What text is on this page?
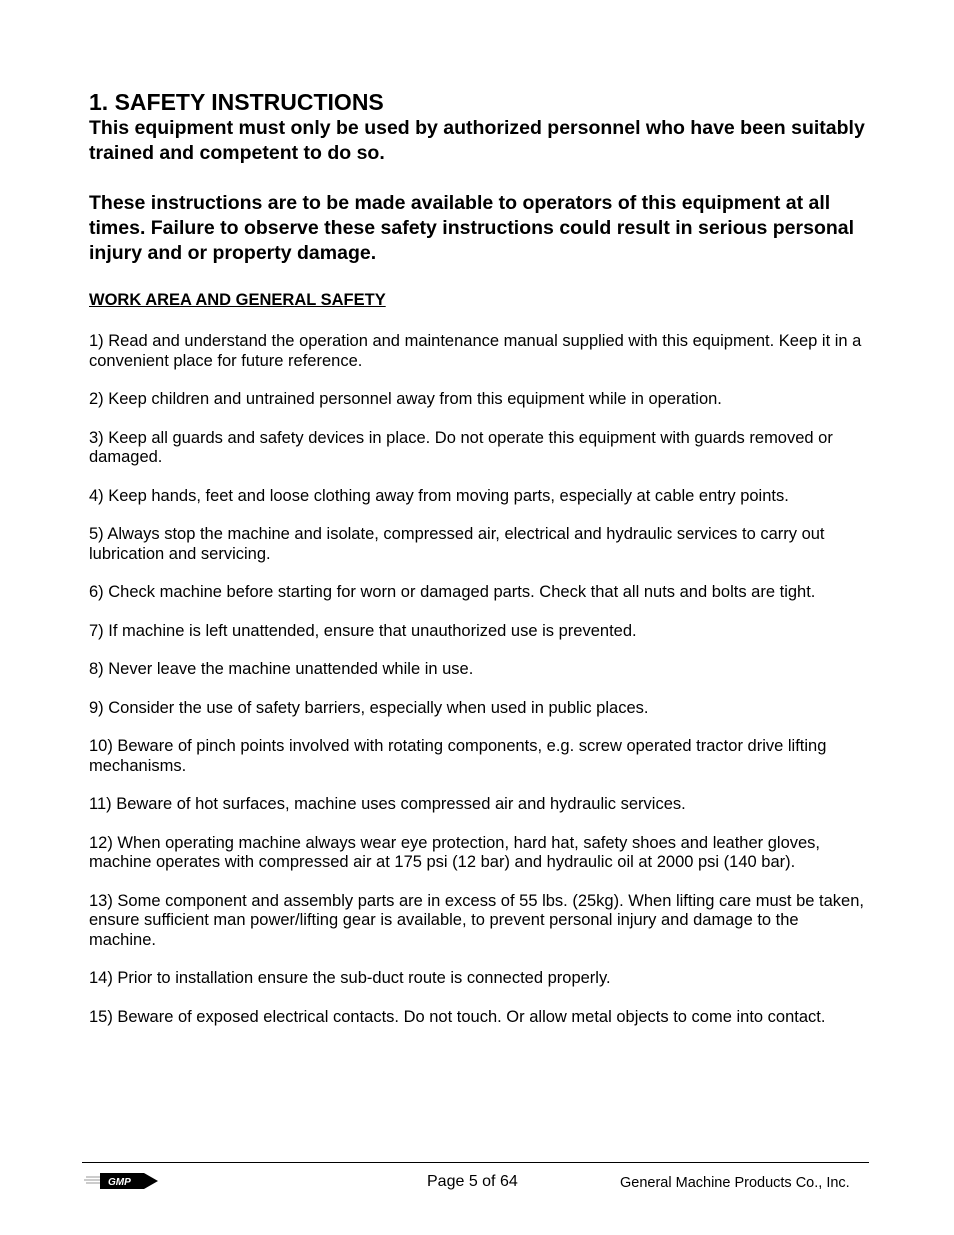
1. SAFETY INSTRUCTIONS

This equipment must only be used by authorized personnel who have been suitably trained and competent to do so.

These instructions are to be made available to operators of this equipment at all times. Failure to observe these safety instructions could result in serious personal injury and or property damage.

WORK AREA AND GENERAL SAFETY
1) Read and understand the operation and maintenance manual supplied with this equipment. Keep it in a convenient place for future reference.
2) Keep children and untrained personnel away from this equipment while in operation.
3) Keep all guards and safety devices in place. Do not operate this equipment with guards removed or damaged.
4) Keep hands, feet and loose clothing away from moving parts, especially at cable entry points.
5) Always stop the machine and isolate, compressed air, electrical and hydraulic services to carry out lubrication and servicing.
6) Check machine before starting for worn or damaged parts. Check that all nuts and bolts are tight.
7) If machine is left unattended, ensure that unauthorized use is prevented.
8) Never leave the machine unattended while in use.
9) Consider the use of safety barriers, especially when used in public places.
10) Beware of pinch points involved with rotating components, e.g. screw operated tractor drive lifting mechanisms.
11) Beware of hot surfaces, machine uses compressed air and hydraulic services.
12) When operating machine always wear eye protection, hard hat, safety shoes and leather gloves, machine operates with compressed air at 175 psi (12 bar) and hydraulic oil at 2000 psi (140 bar).
13) Some component and assembly parts are in excess of 55 lbs. (25kg). When lifting care must be taken, ensure sufficient man power/lifting gear is available, to prevent personal injury and damage to the machine.
14) Prior to installation ensure the sub-duct route is connected properly.
15) Beware of exposed electrical contacts. Do not touch. Or allow metal objects to come into contact.
GMP	Page 5 of 64	General Machine Products Co., Inc.
